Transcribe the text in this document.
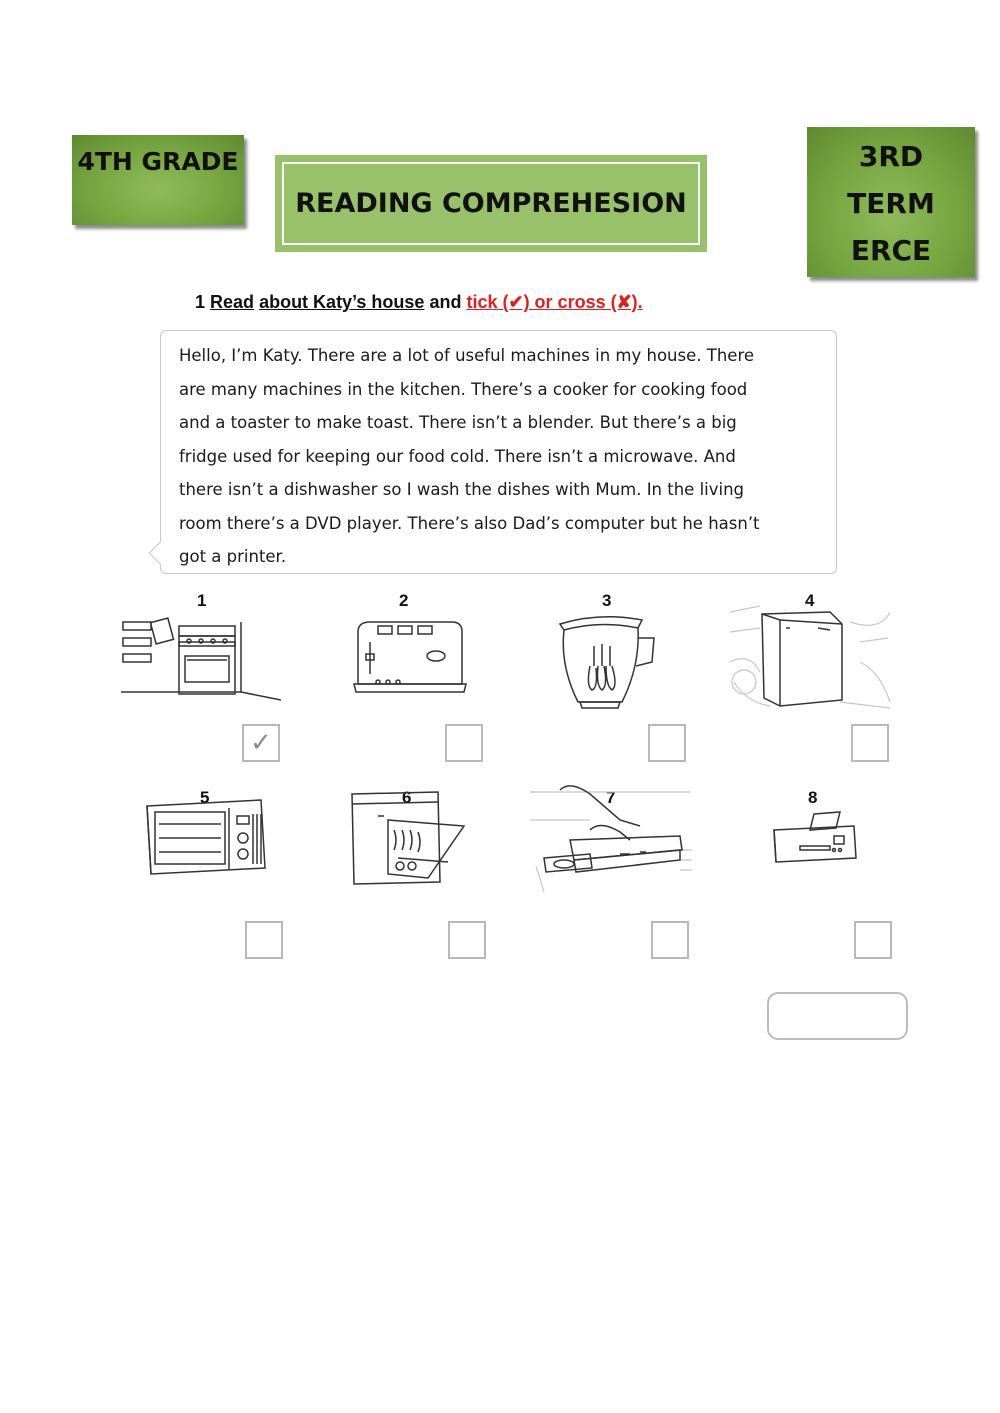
4TH GRADE
READING COMPREHESION
3RD
TERM
ERCE
1 Read about Katy’s house and tick (✔) or cross (✘).

Hello, I’m Katy. There are a lot of useful machines in my house. There

are many machines in the kitchen. There’s a cooker for cooking food

and a toaster to make toast. There isn’t a blender. But there’s a big

fridge used for keeping our food cold. There isn’t a microwave. And

there isn’t a dishwasher so I wash the dishes with Mum. In the living

room there’s a DVD player. There’s also Dad’s computer but he hasn’t

got a printer.

1
✓
2	3	4
5	6	7	8
